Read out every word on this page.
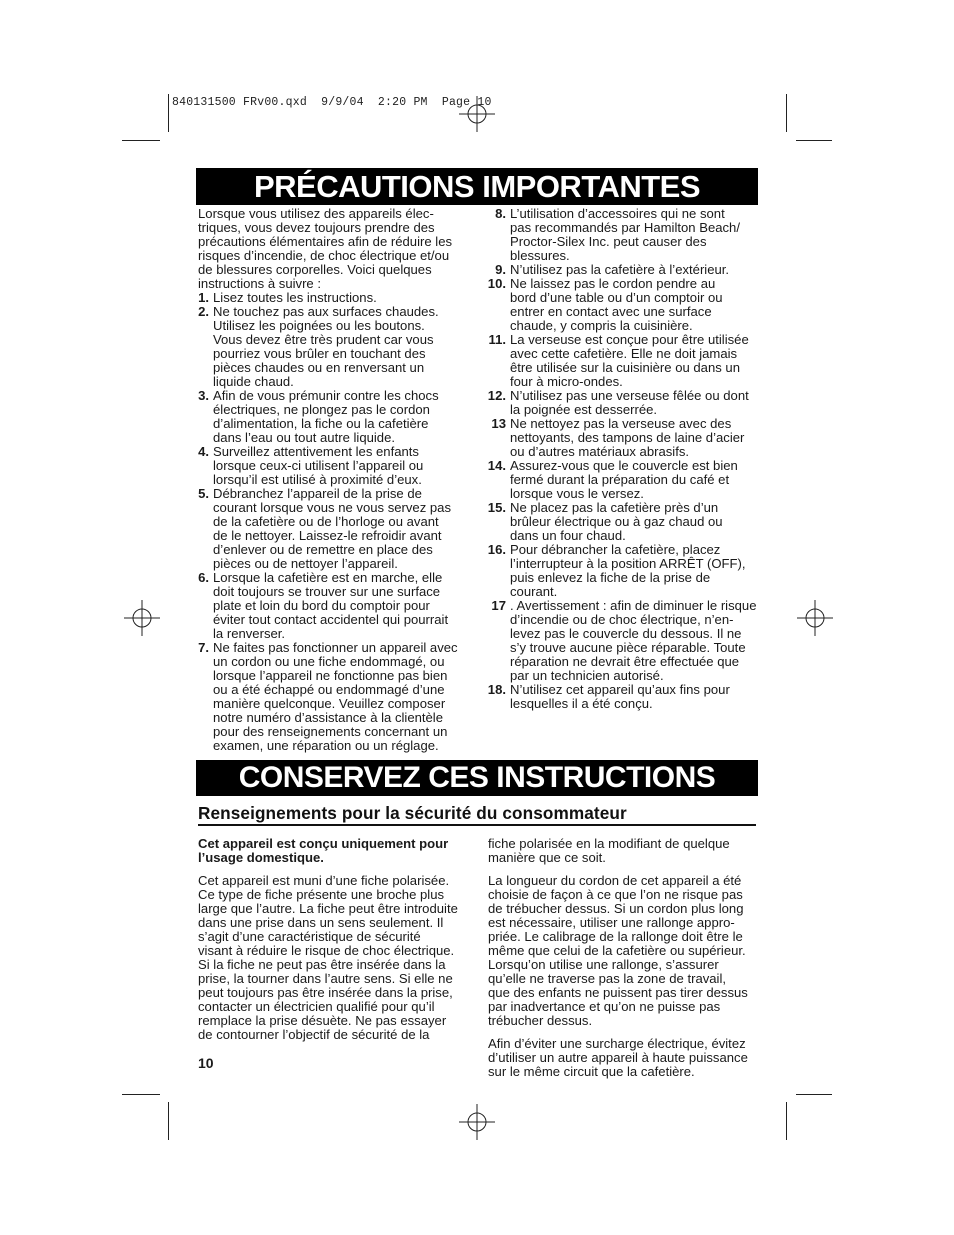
840131500 FRv00.qxd  9/9/04  2:20 PM  Page 10
PRÉCAUTIONS IMPORTANTES
Lorsque vous utilisez des appareils élec-
triques, vous devez toujours prendre des
précautions élémentaires afin de réduire les
risques d’incendie, de choc électrique et/ou
de blessures corporelles. Voici quelques
instructions à suivre :
1. Lisez toutes les instructions.
2. Ne touchez pas aux surfaces chaudes.
Utilisez les poignées ou les boutons.
Vous devez être très prudent car vous
pourriez vous brûler en touchant des
pièces chaudes ou en renversant un
liquide chaud.
3. Afin de vous prémunir contre les chocs
électriques, ne plongez pas le cordon
d’alimentation, la fiche ou la cafetière
dans l’eau ou tout autre liquide.
4. Surveillez attentivement les enfants
lorsque ceux-ci utilisent l’appareil ou
lorsqu’il est utilisé à proximité d’eux.
5. Débranchez l’appareil de la prise de
courant lorsque vous ne vous servez pas
de la cafetière ou de l’horloge ou avant
de le nettoyer. Laissez-le refroidir avant
d’enlever ou de remettre en place des
pièces ou de nettoyer l’appareil.
6. Lorsque la cafetière est en marche, elle
doit toujours se trouver sur une surface
plate et loin du bord du comptoir pour
éviter tout contact accidentel qui pourrait
la renverser.
7. Ne faites pas fonctionner un appareil avec
un cordon ou une fiche endommagé, ou
lorsque l’appareil ne fonctionne pas bien
ou a été échappé ou endommagé d’une
manière quelconque. Veuillez composer
notre numéro d’assistance à la clientèle
pour des renseignements concernant un
examen, une réparation ou un réglage.
8. L’utilisation d’accessoires qui ne sont
pas recommandés par Hamilton Beach/
Proctor-Silex Inc. peut causer des
blessures.
9. N’utilisez pas la cafetière à l’extérieur.
10. Ne laissez pas le cordon pendre au
bord d’une table ou d’un comptoir ou
entrer en contact avec une surface
chaude, y compris la cuisinière.
11. La verseuse est conçue pour être utilisée
avec cette cafetière. Elle ne doit jamais
être utilisée sur la cuisinière ou dans un
four à micro-ondes.
12. N’utilisez pas une verseuse fêlée ou dont
la poignée est desserrée.
13 Ne nettoyez pas la verseuse avec des
nettoyants, des tampons de laine d’acier
ou d’autres matériaux abrasifs.
14. Assurez-vous que le couvercle est bien
fermé durant la préparation du café et
lorsque vous le versez.
15. Ne placez pas la cafetière près d’un
brûleur électrique ou à gaz chaud ou
dans un four chaud.
16. Pour débrancher la cafetière, placez
l’interrupteur à la position ARRÊT (OFF),
puis enlevez la fiche de la prise de
courant.
17 . Avertissement : afin de diminuer le risque
d’incendie ou de choc électrique, n’en-
levez pas le couvercle du dessous. Il ne
s’y trouve aucune pièce réparable. Toute
réparation ne devrait être effectuée que
par un technicien autorisé.
18. N’utilisez cet appareil qu’aux fins pour
lesquelles il a été conçu.
CONSERVEZ CES INSTRUCTIONS
Renseignements pour la sécurité du consommateur

Cet appareil est conçu uniquement pour
l’usage domestique.

Cet appareil est muni d’une fiche polarisée.
Ce type de fiche présente une broche plus
large que l’autre. La fiche peut être introduite
dans une prise dans un sens seulement. Il
s’agit d’une caractéristique de sécurité
visant à réduire le risque de choc électrique.
Si la fiche ne peut pas être insérée dans la
prise, la tourner dans l’autre sens. Si elle ne
peut toujours pas être insérée dans la prise,
contacter un électricien qualifié pour qu’il
remplace la prise désuète. Ne pas essayer
de contourner l’objectif de sécurité de la

fiche polarisée en la modifiant de quelque
manière que ce soit.

La longueur du cordon de cet appareil a été
choisie de façon à ce que l’on ne risque pas
de trébucher dessus. Si un cordon plus long
est nécessaire, utiliser une rallonge appro-
priée. Le calibrage de la rallonge doit être le
même que celui de la cafetière ou supérieur.
Lorsqu’on utilise une rallonge, s’assurer
qu’elle ne traverse pas la zone de travail,
que des enfants ne puissent pas tirer dessus
par inadvertance et qu’on ne puisse pas
trébucher dessus.

Afin d’éviter une surcharge électrique, évitez
d’utiliser un autre appareil à haute puissance
sur le même circuit que la cafetière.

10
